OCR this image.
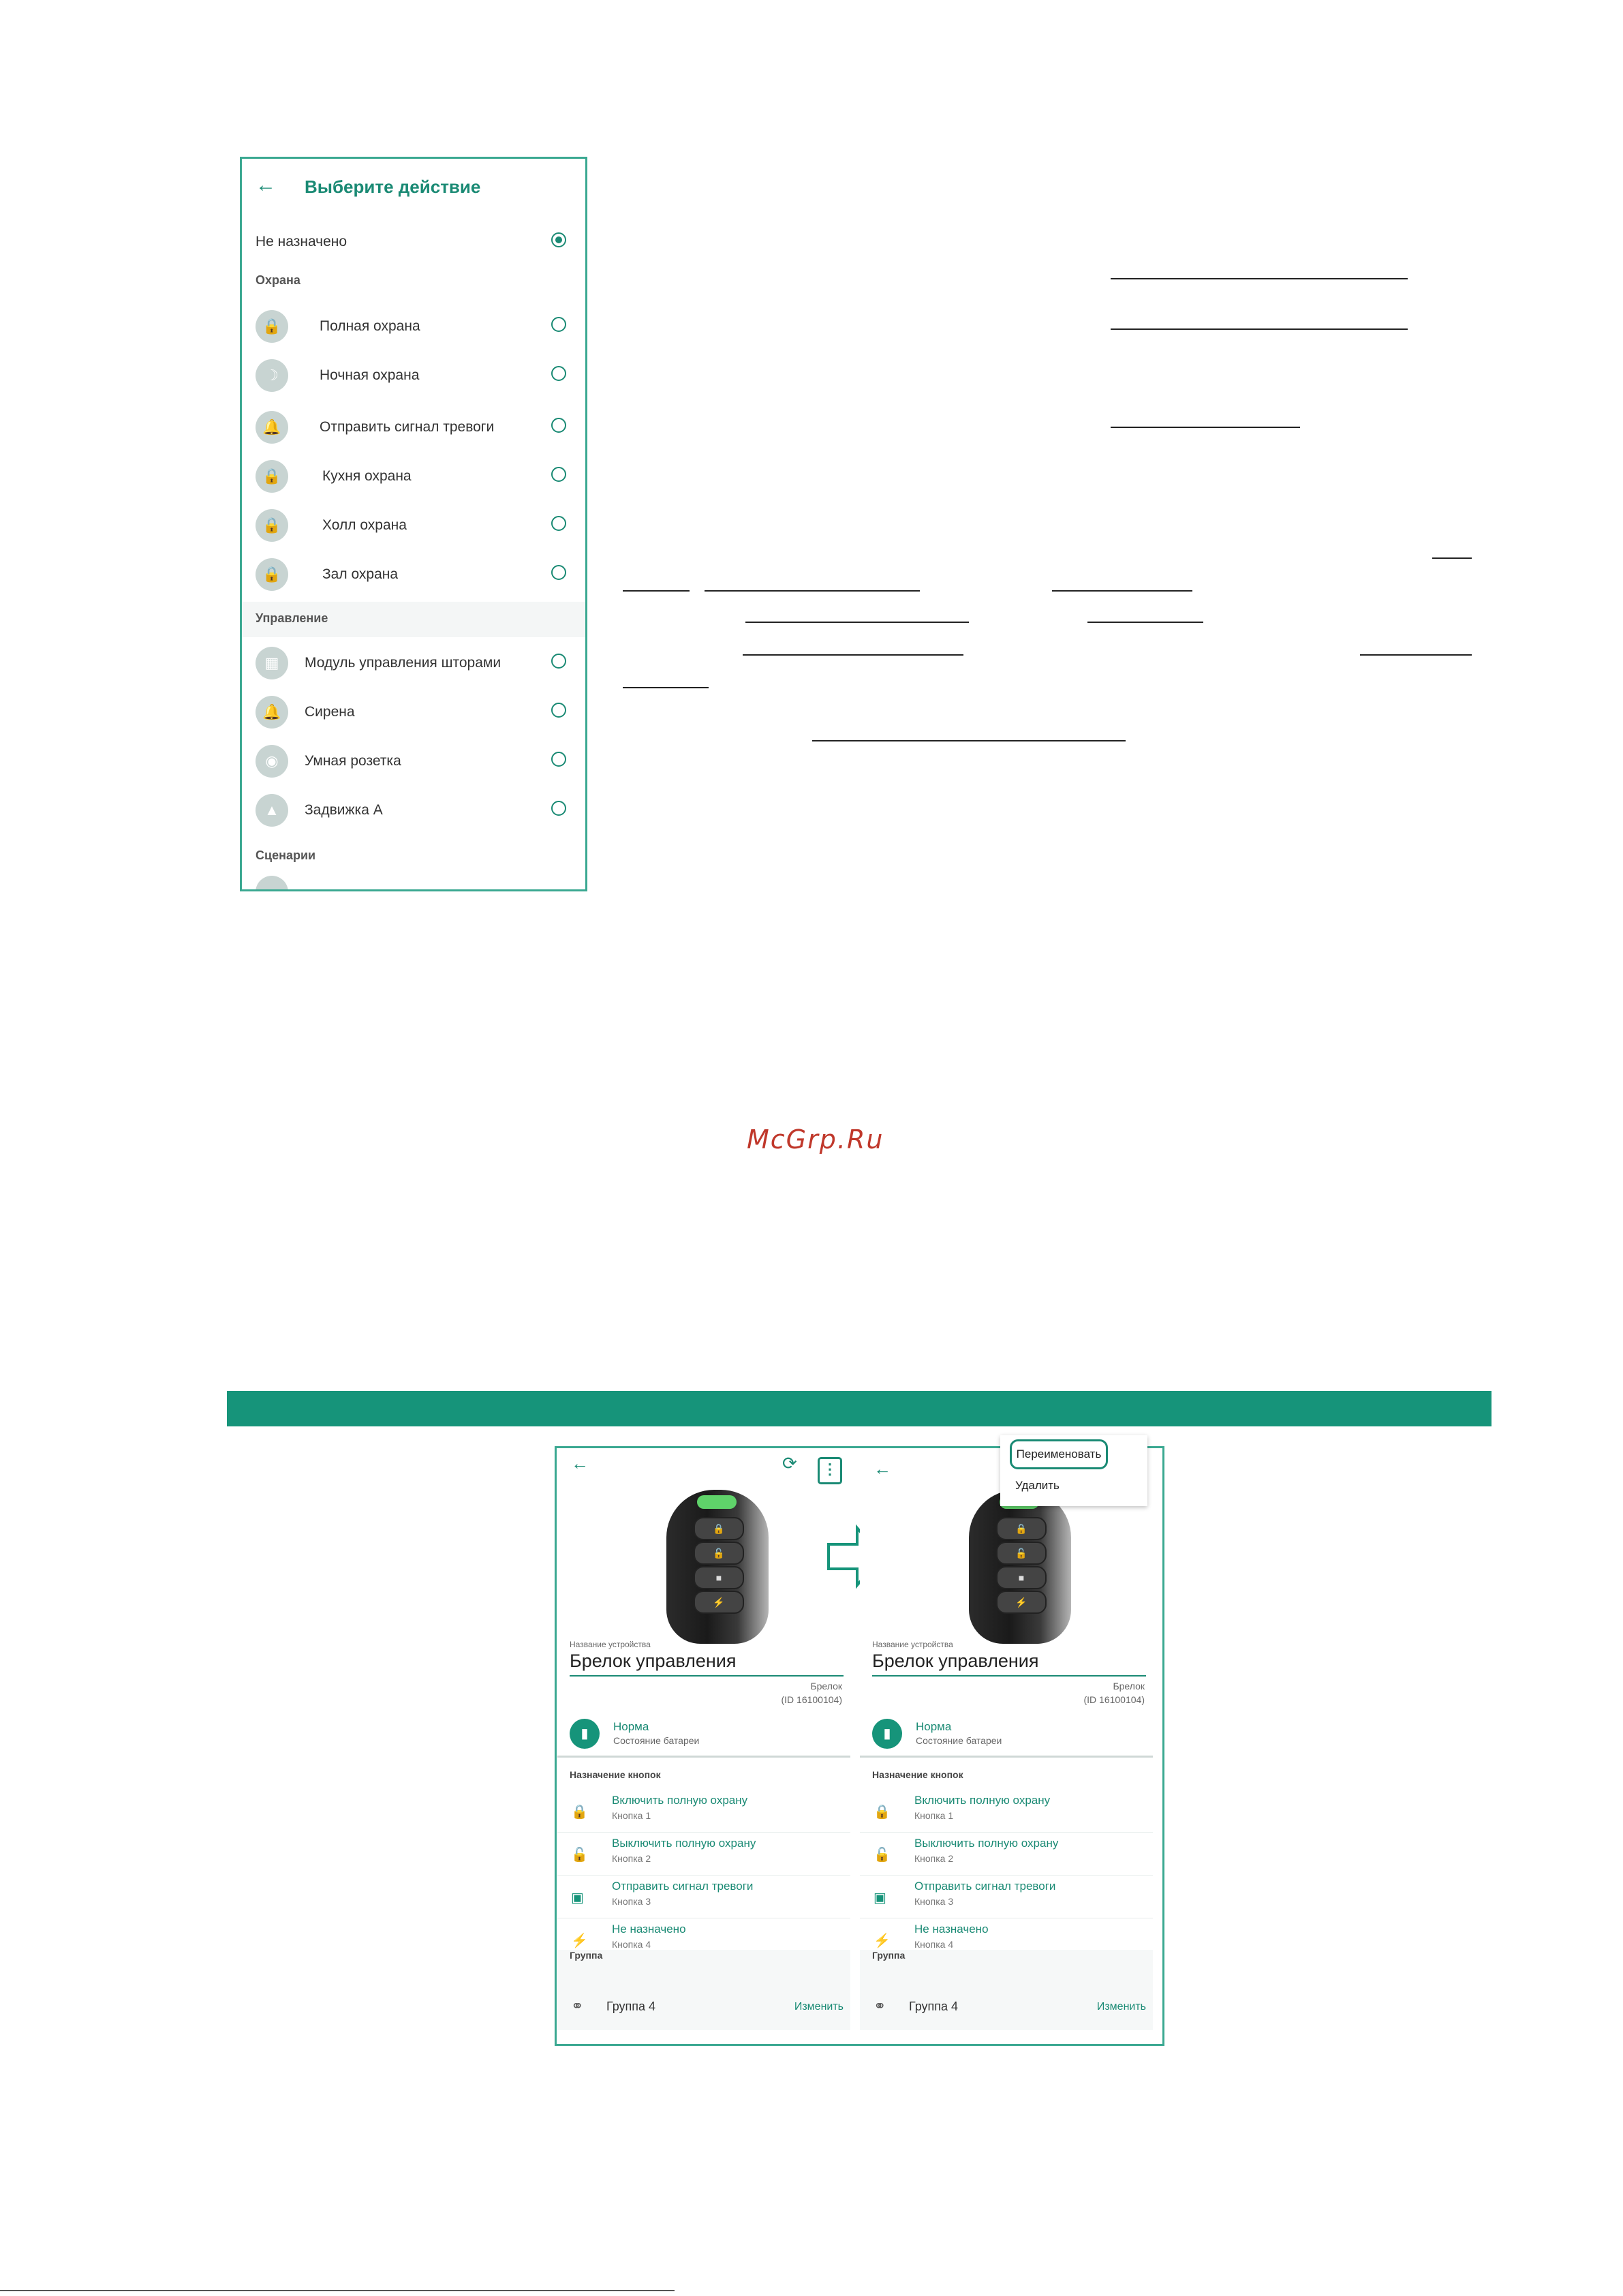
← Выберите действие
Не назначено
Охрана
🔒	Полная охрана
☽	Ночная охрана
🔔	Отправить сигнал тревоги
🔒	Кухня охрана
🔒	Холл охрана
🔒	Зал охрана
Управление
▦	Модуль управления шторами
🔔	Сирена
◉	Умная розетка
▲	Задвижка А
Сценарии
McGrp.Ru
←	⟳	⋮
🔒
🔓
■
⚡
Название устройства
Брелок управления
Брелок
(ID 16100104)
▮	Норма
Состояние батареи
Назначение кнопок
🔒
Включить полную охрану
Кнопка 1
🔓
Выключить полную охрану
Кнопка 2
▣
Отправить сигнал тревоги
Кнопка 3
⚡
Не назначено
Кнопка 4
Группа
⚭ Группа 4	Изменить
←
🔒
🔓
■
⚡
Название устройства
Брелок управления
Брелок
(ID 16100104)
▮	Норма
Состояние батареи
Назначение кнопок
🔒
Включить полную охрану
Кнопка 1
🔓
Выключить полную охрану
Кнопка 2
▣
Отправить сигнал тревоги
Кнопка 3
⚡
Не назначено
Кнопка 4
Группа
⚭ Группа 4	Изменить
Переименовать
Удалить
